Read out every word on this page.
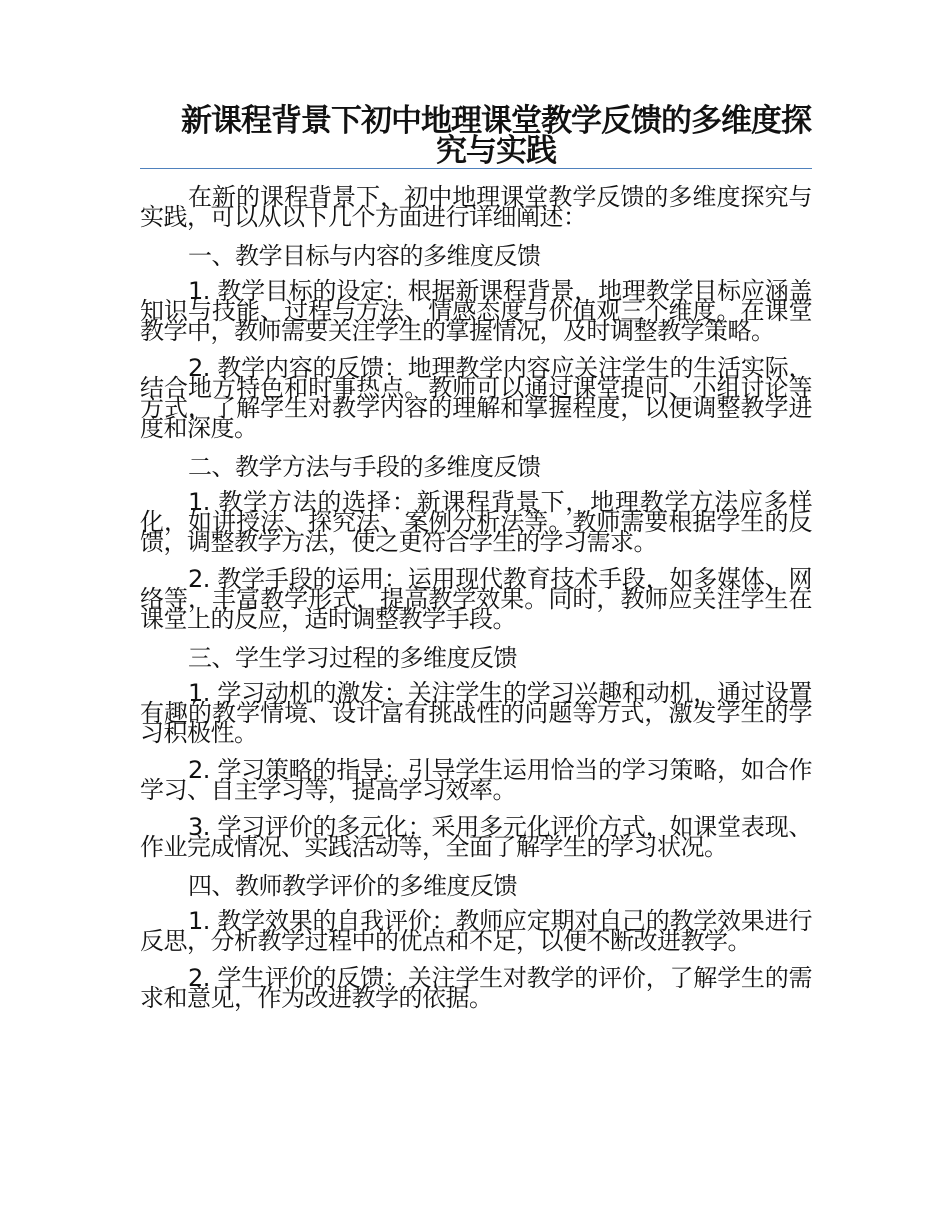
新课程背景下初中地理课堂教学反馈的多维度探究与实践

在新的课程背景下，初中地理课堂教学反馈的多维度探究与实践，可以从以下几个方面进行详细阐述：

一、教学目标与内容的多维度反馈

1. 教学目标的设定：根据新课程背景，地理教学目标应涵盖知识与技能、过程与方法、情感态度与价值观三个维度。在课堂教学中，教师需要关注学生的掌握情况，及时调整教学策略。

2. 教学内容的反馈：地理教学内容应关注学生的生活实际，结合地方特色和时事热点。教师可以通过课堂提问、小组讨论等方式，了解学生对教学内容的理解和掌握程度，以便调整教学进度和深度。

二、教学方法与手段的多维度反馈

1. 教学方法的选择：新课程背景下，地理教学方法应多样化，如讲授法、探究法、案例分析法等。教师需要根据学生的反馈，调整教学方法，使之更符合学生的学习需求。

2. 教学手段的运用：运用现代教育技术手段，如多媒体、网络等，丰富教学形式，提高教学效果。同时，教师应关注学生在课堂上的反应，适时调整教学手段。

三、学生学习过程的多维度反馈

1. 学习动机的激发：关注学生的学习兴趣和动机，通过设置有趣的教学情境、设计富有挑战性的问题等方式，激发学生的学习积极性。

2. 学习策略的指导：引导学生运用恰当的学习策略，如合作学习、自主学习等，提高学习效率。

3. 学习评价的多元化：采用多元化评价方式，如课堂表现、作业完成情况、实践活动等，全面了解学生的学习状况。

四、教师教学评价的多维度反馈

1. 教学效果的自我评价：教师应定期对自己的教学效果进行反思，分析教学过程中的优点和不足，以便不断改进教学。

2. 学生评价的反馈：关注学生对教学的评价，了解学生的需求和意见，作为改进教学的依据。
